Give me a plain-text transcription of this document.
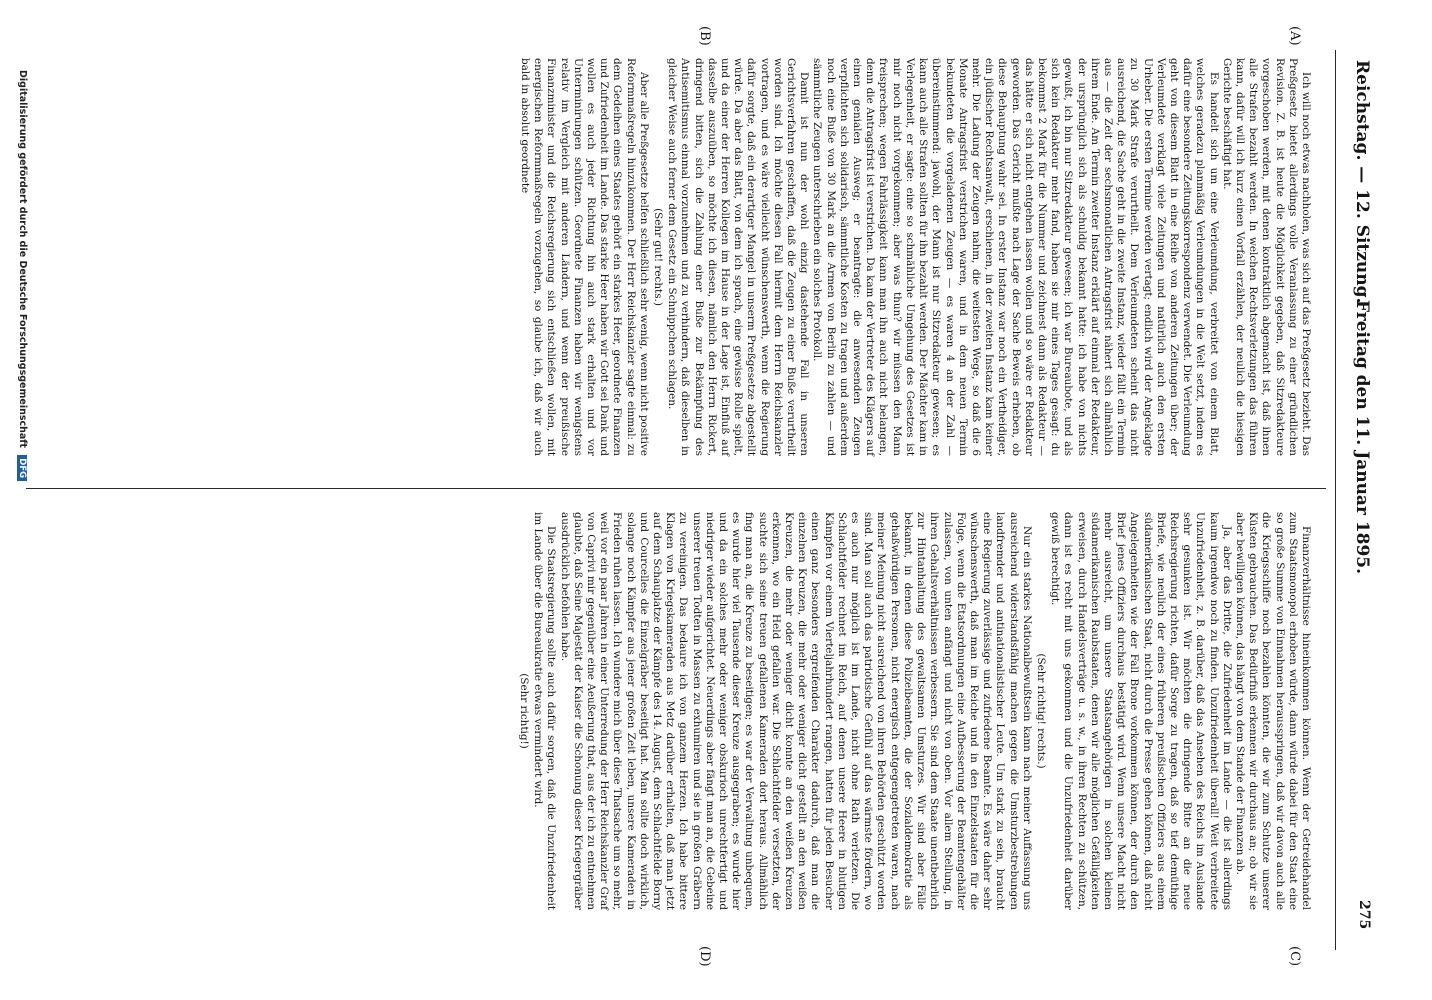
Reichstag. — 12. Sitzung.
Freitag den 11. Januar 1895.
275
(A)
(B)
(C)
(D)

Ich will noch etwas nachholen, was sich auf das Preßgesetz bezieht. Das Preßgesetz bietet allerdings volle Veranlassung zu einer gründlichen Revision. Z. B. ist heute die Möglichkeit gegeben, daß Sitzredakteure vorgeschoben werden, mit denen kontraktlich abgemacht ist, daß ihnen alle Strafen bezahlt werden. In welchen Rechtsverletzungen das führen kann, dafür will ich kurz einen Vorfall erzählen, der neulich die hiesigen Gerichte beschäftigt hat.

Es handelt sich um eine Verleumdung, verbreitet von einem Blatt, welches geradezu planmäßig Verleumdungen in die Welt setzt, indem es dafür eine besondere Zeitungskorrespondenz verwendet. Die Verleumdung geht von diesem Blatt in eine Reihe von anderen Zeitungen über; der Verleumdete verklagt viele Zeitungen und natürlich auch den ersten Urheber. Die ersten Termine werden vertagt; endlich wird der Angeklagte zu 30 Mark Strafe verurtheilt. Dem Verleumdeten scheint das nicht ausreichend, die Sache geht in die zweite Instanz, wieder fällt ein Termin aus — die Zeit der sechsmonatlichen Antragsfrist nähert sich allmählich ihrem Ende. Am Termin zweiter Instanz erklärt auf einmal der Redakteur, der ursprünglich sich als schuldig bekannt hatte: ich habe von nichts gewußt, ich bin nur Sitzredakteur gewesen; ich war Bureaubote, und als sich kein Redakteur mehr fand, haben sie mir eines Tages gesagt: du bekommst 2 Mark für die Nummer und zeichnest dann als Redakteur — das hätte er sich nicht entgehen lassen wollen und so wäre er Redakteur geworden. Das Gericht mußte nach Lage der Sache Beweis erheben, ob diese Behauptung wahr sei. In erster Instanz war noch ein Vertheidiger, ein jüdischer Rechtsanwalt, erschienen, in der zweiten Instanz kam keiner mehr. Die Ladung der Zeugen nahm, die weitesten Wege, so daß die 6 Monate Antragsfrist verstrichen waren, und in dem neuen Termin bekundeten die vorgeladenen Zeugen — es waren 4 an der Zahl — übereinstimmend: jawohl, der Mann ist nur Sitzredakteur gewesen; es kann auch alle Strafen sollten für ihn bezahlt werden. Der Mächter kam in Verlegenheit, er sagte: eine so schmähliche Umgehung des Gesetzes ist mir noch nicht vorgekommen; aber was thun? wir müssen den Mann freisprechen; wegen Fahrlässigkeit kann man ihn auch nicht belangen, denn die Antragsfrist ist verstrichen. Da kam der Vertreter des Klägers auf einen genialen Ausweg; er beantragte: die anwesenden Zeugen verpflichten sich solidarisch, sämmtliche Kosten zu tragen und außerdem noch eine Buße von 30 Mark an die Armen von Berlin zu zahlen — und sämmtliche Zeugen unterschrieben ein solches Protokoll.

Damit ist nun der wohl einzig dastehende Fall in unseren Gerichtsverfahren geschaffen, daß die Zeugen zu einer Buße verurtheilt worden sind. Ich möchte diesen Fall hiermit dem Herrn Reichskanzler vortragen, und es wäre vielleicht wünschenswerth, wenn die Regierung dafür sorgte, daß ein derartiger Mangel in unserm Preßgesetze abgestellt würde. Da aber das Blatt, von dem ich sprach, eine gewisse Rolle spielt, und da einer der Herren Kollegen im Hause in der Lage ist, Einfluß auf dasselbe auszuüben, so möchte ich diesen, nämlich den Herrn Rickert, dringend bitten, sich die Zahlung einer Buße zur Bekämpfung des Antisemitismus einmal vorzunehmen und zu verhindern, daß dieselben in gleicher Weise auch ferner dem Gesetz ein Schnippchen schlagen.

(Sehr gut! rechts.)

Aber alle Preßgesetze helfen schließlich sehr wenig, wenn nicht positive Reformmaßregeln hinzukommen. Der Herr Reichskanzler sagte einmal: zu dem Gedeihen eines Staates gehört ein starkes Heer, geordnete Finanzen und Zufriedenheit im Lande. Das starke Heer haben wir Gott sei Dank und wollen es auch jeder Richtung hin auch stark erhalten und vor Unterminirungen schützen. Geordnete Finanzen haben wir wenigstens relativ im Vergleich mit anderen Ländern, und wenn der preußische Finanzminister und die Reichsregierung sich entschließen wollen, mit energischen Reformmaßregeln vorzugehen, so glaube ich, daß wir auch bald in absolut geordnete

Finanzverhältnisse hineinkommen können. Wenn der Getreidehandel zum Staatsmonopol erhoben würde, dann würde dabei für den Staat eine so große Summe von Einnahmen herausspringen, daß wir davon auch alle die Kriegsschiffe noch bezahlen könnten, die wir zum Schutze unserer Küsten gebrauchen. Das Bedürfniß erkennen wir durchaus an; ob wir sie aber bewilligen können, das hängt von dem Stande der Finanzen ab.

Ja, aber das Dritte, die Zufriedenheit im Lande — die ist allerdings kaum irgendwo noch zu finden. Unzufriedenheit überall! Weit verbreitete Unzufriedenheit, z. B. darüber, daß das Ansehen des Reichs im Auslande sehr gesunken ist. Wir möchten die dringende Bitte an die neue Reichsregierung richten, dafür Sorge zu tragen, daß so tief demüthige Briefe, wie neulich der eines früheren preußischen Offiziers aus einem südamerikanischen Staat, nicht durch die Presse gehen können, daß nicht Angelegenheiten wie der Fall Brone vorkommen können, der durch den Brief jenes Offiziers durchaus bestätigt wird. Wenn unsere Macht nicht mehr ausreicht, um unsere Staatsangehörigen in solchen kleinen südamerikanischen Raubstaaten, denen wir alle möglichen Gefälligkeiten erweisen, durch Handelsverträge u. s. w., in ihren Rechten zu schützen, dann ist es recht mit uns gekommen und die Unzufriedenheit darüber gewiß berechtigt.

(Sehr richtig! rechts.)

Nur ein starkes Nationalbewußtsein kann nach meiner Auffassung uns ausreichend widerstandsfähig machen gegen die Umsturzbestrebungen landfremder und antinationalistischer Leute. Um stark zu sein, braucht eine Regierung zuverlässige und zufriedene Beamte. Es wäre daher sehr wünschenswerth, daß man im Reiche und in den Einzelstaaten für die Folge, wenn die Etatsordnungen eine Aufbesserung der Beamtengehälter zulassen, von unten anfängt und nicht von oben. Vor allem Stellung, in ihren Gehaltsverhältnissen verbessern. Sie sind dem Staate unentbehrlich zur Hintanhaltung des gewaltsamen Umsturzes. Wir sind aber Fälle bekannt, in denen diese Polizeibeamten, die der Sozialdemokratie als gehaßwürdigen Personen, nicht energisch entgegengetreten waren, nach meiner Meinung nicht ausreichend von ihren Behörden geschützt worden sind. Man soll auch das patriotische Gefühl auf das wärmste fördern, wo es auch nur möglich ist im Lande, nicht ohne Rath verletzen. Die Schlachtfelder rechnet im Reich, auf denen unsere Heere in blutigen Kämpfen vor einem Vierteljahrhundert rangen, hatten für jeden Besucher einen ganz besonders ergreifenden Charakter dadurch, daß man die einzelnen Kreuzen, die mehr oder weniger dicht gestellt an den weißen Kreuzen, die mehr oder weniger dicht konnte an den weißen Kreuzen erkennen, wo ein Held gefallen war. Die Schlachtfelder versetzten, der suchte sich seine treuen gefallenen Kameraden dort heraus. Allmählich fing man an, die Kreuze zu beseitigen; es war der Verwaltung unbequem, es wurde hier viel Tausende dieser Kreuze ausgegraben; es wurde hier und da ein solches mehr oder weniger obskurioch unrechtfertigt und niedriger wieder aufgerichtet. Neuerdings aber fängt man an, die Gebeine unserer treuen Todten in Massen zu exhumiren und sie in großen Gräbern zu vereinigen. Das bedaure ich von ganzem Herzen. Ich habe bittere Klagen von Kriegskameraden aus Metz darüber erhalten, daß man jetzt auf dem Schauplatze der Kämpfe des 14. August, dem Schlachtfelde Borny und Courcelles die Einzelgräber beseitigt hat. Man sollte doch wirklich, solange noch Kämpfer aus jener großen Zeit leben, unsere Kameraden in Frieden ruhen lassen. Ich wundere mich über diese Thatsache um so mehr, weil vor ein paar Jahren in einer Unterredung der Herr Reichskanzler Graf von Caprivi mir gegenüber eine Aeußerung that, aus der ich zu entnehmen glaubte, daß Seine Majestät der Kaiser die Schonung dieser Kriegergräber ausdrücklich befohlen habe.

Die Staatsregierung sollte auch dafür sorgen, daß die Unzufriedenheit im Lande über die Bureaukratie etwas vermindert wird.

(Sehr richtig!)

Digitalisierung gefördert durch die Deutsche Forschungsgemeinschaft DFG
